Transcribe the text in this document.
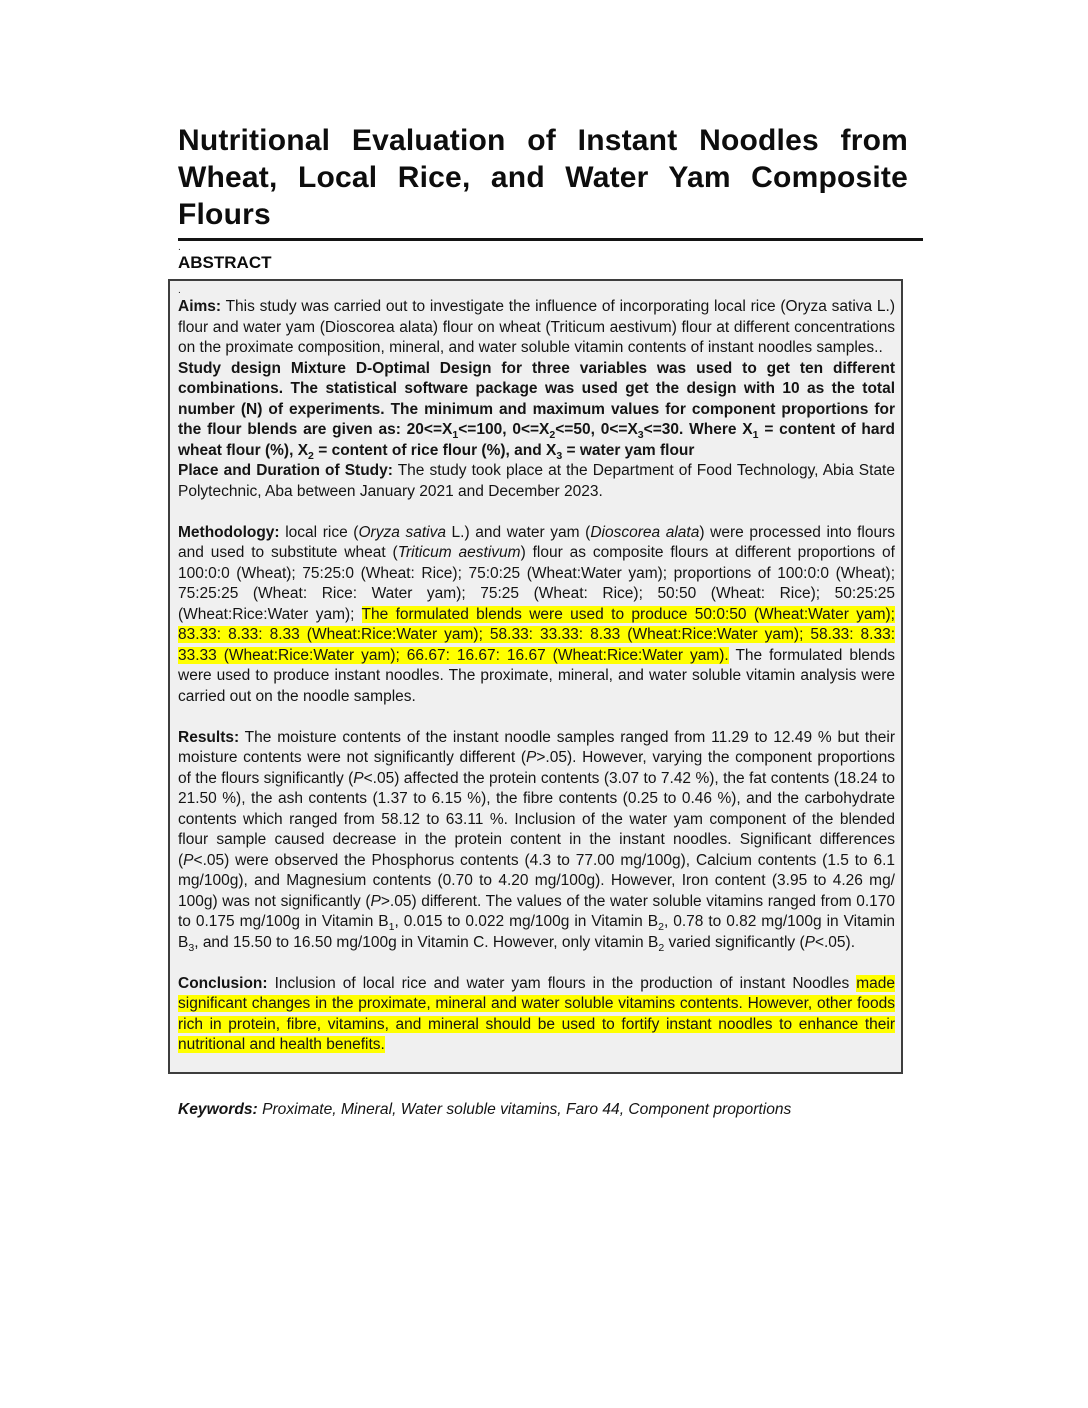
Nutritional Evaluation of Instant Noodles from Wheat, Local Rice, and Water Yam Composite Flours
.
ABSTRACT

.

Aims: This study was carried out to investigate the influence of incorporating local rice (Oryza sativa L.) flour and water yam (Dioscorea alata) flour on wheat (Triticum aestivum) flour at different concentrations on the proximate composition, mineral, and water soluble vitamin contents of instant noodles samples..

Study design Mixture D-Optimal Design for three variables was used to get ten different combinations. The statistical software package was used get the design with 10 as the total number (N) of experiments. The minimum and maximum values for component proportions for the flour blends are given as: $20<=X_1<=100$, $0<=X_2<=50$, $0<=X_3<=30$. Where $X_1$ = content of hard wheat flour (%), $X_2$ = content of rice flour (%), and $X_3$ = water yam flour

Place and Duration of Study: The study took place at the Department of Food Technology, Abia State Polytechnic, Aba between January 2021 and December 2023.

Methodology: local rice (Oryza sativa L.) and water yam (Dioscorea alata) were processed into flours and used to substitute wheat (Triticum aestivum) flour as composite flours at different proportions of 100:0:0 (Wheat); 75:25:0 (Wheat: Rice); 75:0:25 (Wheat:Water yam); proportions of 100:0:0 (Wheat); 75:25:25 (Wheat: Rice: Water yam); 75:25 (Wheat: Rice); 50:50 (Wheat: Rice); 50:25:25 (Wheat:Rice:Water yam); The formulated blends were used to produce 50:0:50 (Wheat:Water yam); 83.33: 8.33: 8.33 (Wheat:Rice:Water yam); 58.33: 33.33: 8.33 (Wheat:Rice:Water yam); 58.33: 8.33: 33.33 (Wheat:Rice:Water yam); 66.67: 16.67: 16.67 (Wheat:Rice:Water yam). The formulated blends were used to produce instant noodles. The proximate, mineral, and water soluble vitamin analysis were carried out on the noodle samples.

Results: The moisture contents of the instant noodle samples ranged from 11.29 to 12.49 % but their moisture contents were not significantly different (P>.05). However, varying the component proportions of the flours significantly (P<.05) affected the protein contents (3.07 to 7.42 %), the fat contents (18.24 to 21.50 %), the ash contents (1.37 to 6.15 %), the fibre contents (0.25 to 0.46 %), and the carbohydrate contents which ranged from 58.12 to 63.11 %. Inclusion of the water yam component of the blended flour sample caused decrease in the protein content in the instant noodles. Significant differences (P<.05) were observed the Phosphorus contents (4.3 to 77.00 mg/100g), Calcium contents (1.5 to 6.1 mg/100g), and Magnesium contents (0.70 to 4.20 mg/100g). However, Iron content (3.95 to 4.26 mg/ 100g) was not significantly (P>.05) different. The values of the water soluble vitamins ranged from 0.170 to 0.175 mg/100g in Vitamin $B_1$, 0.015 to 0.022 mg/100g in Vitamin $B_2$, 0.78 to 0.82 mg/100g in Vitamin $B_3$, and 15.50 to 16.50 mg/100g in Vitamin C. However, only vitamin $B_2$ varied significantly (P<.05).

Conclusion: Inclusion of local rice and water yam flours in the production of instant Noodles made significant changes in the proximate, mineral and water soluble vitamins contents. However, other foods rich in protein, fibre, vitamins, and mineral should be used to fortify instant noodles to enhance their nutritional and health benefits.

Keywords: Proximate, Mineral, Water soluble vitamins, Faro 44, Component proportions
